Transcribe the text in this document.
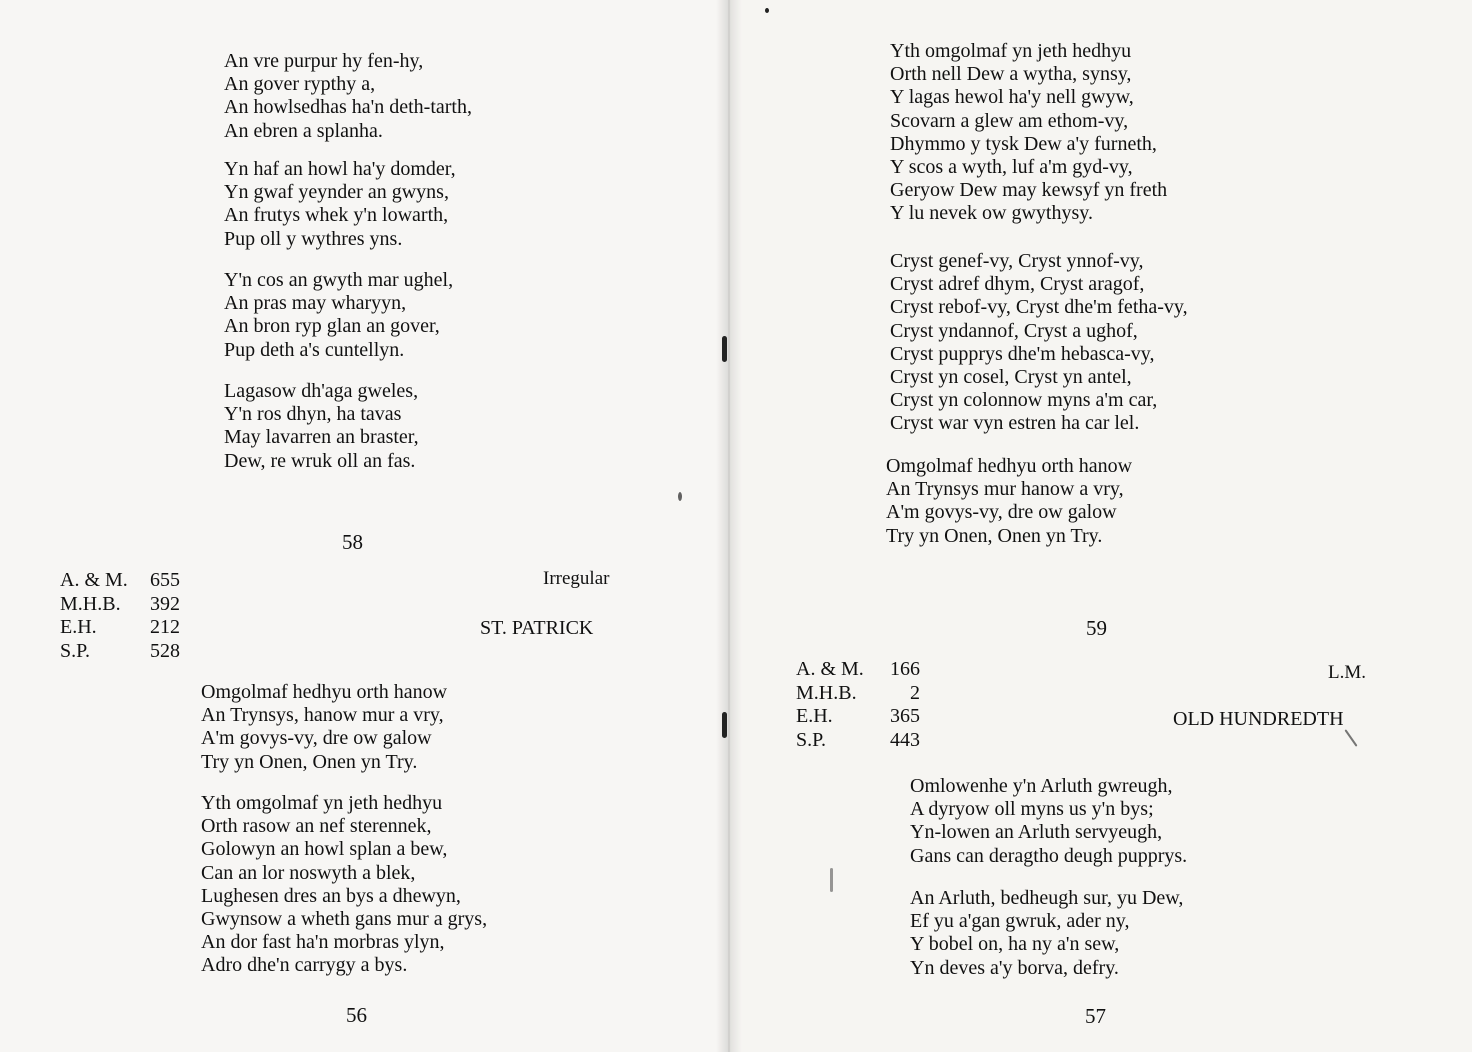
An vre purpur hy fen-hy,
An gover rypthy a,
An howlsedhas ha'n deth-tarth,
An ebren a splanha.
Yn haf an howl ha'y domder,
Yn gwaf yeynder an gwyns,
An frutys whek y'n lowarth,
Pup oll y wythres yns.
Y'n cos an gwyth mar ughel,
An pras may wharyyn,
An bron ryp glan an gover,
Pup deth a's cuntellyn.
Lagasow dh'aga gweles,
Y'n ros dhyn, ha tavas
May lavarren an braster,
Dew, re wruk oll an fas.
58
A. & M.	655
M.H.B.	392
E.H.	212
S.P.	528
Irregular
ST. PATRICK
Omgolmaf hedhyu orth hanow
An Trynsys, hanow mur a vry,
A'm govys-vy, dre ow galow
Try yn Onen, Onen yn Try.
Yth omgolmaf yn jeth hedhyu
Orth rasow an nef sterennek,
Golowyn an howl splan a bew,
Can an lor noswyth a blek,
Lughesen dres an bys a dhewyn,
Gwynsow a wheth gans mur a grys,
An dor fast ha'n morbras ylyn,
Adro dhe'n carrygy a bys.
56
Yth omgolmaf yn jeth hedhyu
Orth nell Dew a wytha, synsy,
Y lagas hewol ha'y nell gwyw,
Scovarn a glew am ethom-vy,
Dhymmo y tysk Dew a'y furneth,
Y scos a wyth, luf a'm gyd-vy,
Geryow Dew may kewsyf yn freth
Y lu nevek ow gwythysy.
Cryst genef-vy, Cryst ynnof-vy,
Cryst adref dhym, Cryst aragof,
Cryst rebof-vy, Cryst dhe'm fetha-vy,
Cryst yndannof, Cryst a ughof,
Cryst pupprys dhe'm hebasca-vy,
Cryst yn cosel, Cryst yn antel,
Cryst yn colonnow myns a'm car,
Cryst war vyn estren ha car lel.
Omgolmaf hedhyu orth hanow
An Trynsys mur hanow a vry,
A'm govys-vy, dre ow galow
Try yn Onen, Onen yn Try.
59
A. & M.	166
M.H.B.	2
E.H.	365
S.P.	443
L.M.
OLD HUNDREDTH
Omlowenhe y'n Arluth gwreugh,
A dyryow oll myns us y'n bys;
Yn-lowen an Arluth servyeugh,
Gans can deragtho deugh pupprys.
An Arluth, bedheugh sur, yu Dew,
Ef yu a'gan gwruk, ader ny,
Y bobel on, ha ny a'n sew,
Yn deves a'y borva, defry.
57
